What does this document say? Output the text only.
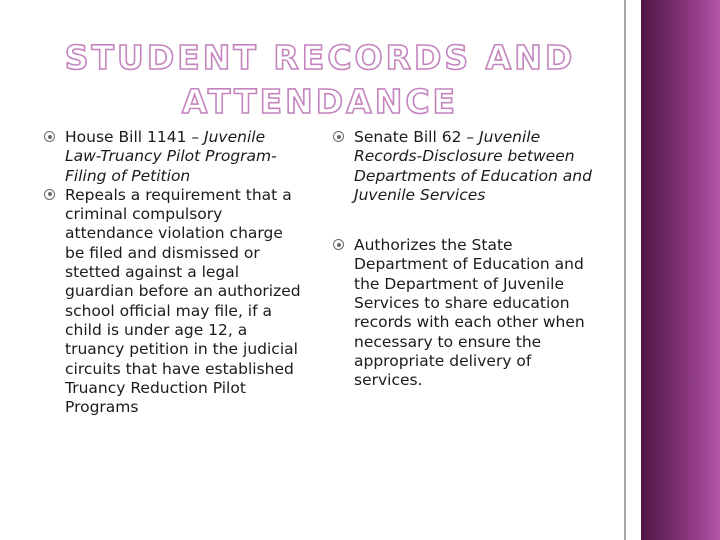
STUDENT RECORDS AND ATTENDANCE

House Bill 1141 – Juvenile Law-Truancy Pilot Program-Filing of Petition

Repeals a requirement that a criminal compulsory attendance violation charge be filed and dismissed or stetted against a legal guardian before an authorized school official may file, if a child is under age 12, a truancy petition in the judicial circuits that have established Truancy Reduction Pilot Programs

Senate Bill 62 – Juvenile Records-Disclosure between Departments of Education and Juvenile Services

Authorizes the State Department of Education and the Department of Juvenile Services to share education records with each other when necessary to ensure the appropriate delivery of services.
